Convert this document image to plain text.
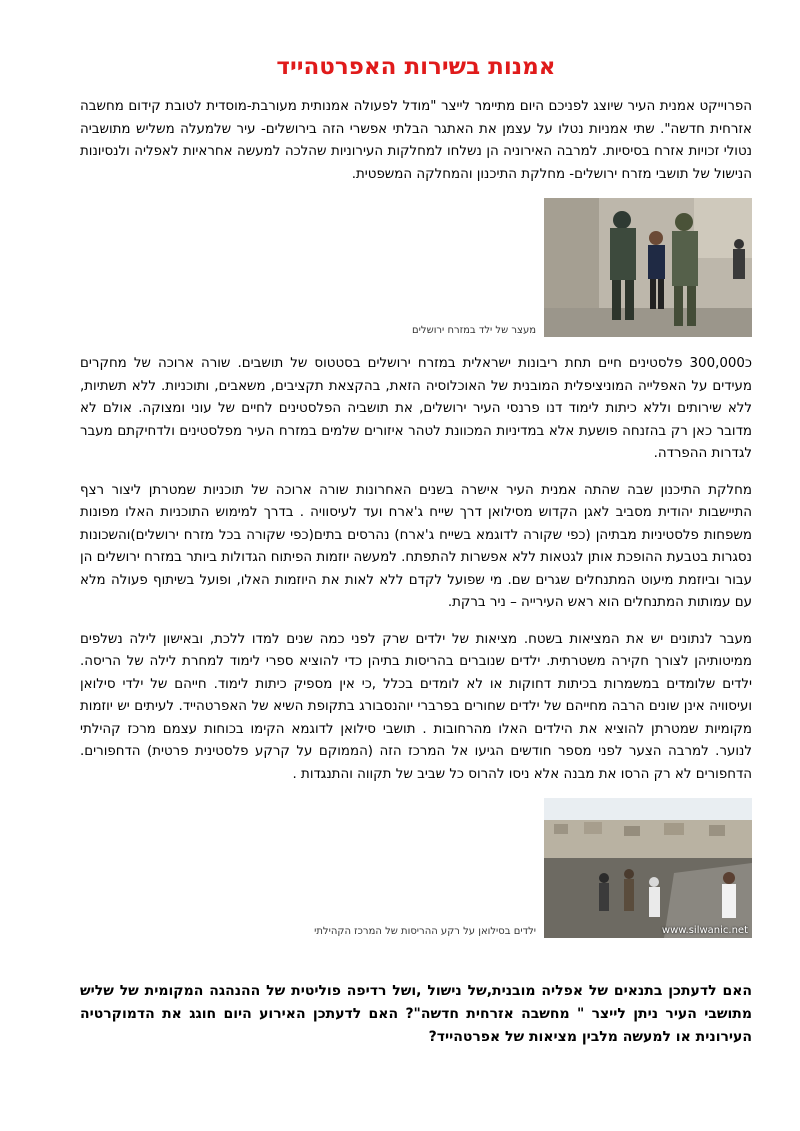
אמנות בשירות האפרטהייד

הפרוייקט אמנית העיר שיוצג לפניכם היום מתיימר לייצר "מודל לפעולה אמנותית מעורבת-מוסדית לטובת קידום מחשבה אזרחית חדשה". שתי אמניות נטלו על עצמן את האתגר הבלתי אפשרי הזה בירושלים- עיר שלמעלה משליש מתושביה נטולי זכויות אזרח בסיסיות. למרבה האירוניה הן נשלחו למחלקות העירוניות שהלכה למעשה אחראיות לאפליה ולנסיונות הנישול של תושבי מזרח ירושלים- מחלקת התיכנון והמחלקה המשפטית.

מעצר של ילד במזרח ירושלים

כ300,000 פלסטינים חיים תחת ריבונות ישראלית במזרח ירושלים בסטטוס של תושבים. שורה ארוכה של מחקרים מעידים על האפלייה המוניציפלית המובנית של האוכלוסיה הזאת, בהקצאת תקציבים, משאבים, ותוכניות. ללא תשתיות, ללא שירותים וללא כיתות לימוד דנו פרנסי העיר ירושלים, את תושביה הפלסטינים לחיים של עוני ומצוקה. אולם לא מדובר כאן רק בהזנחה פושעת אלא במדיניות המכוונת לטהר איזורים שלמים במזרח העיר מפלסטינים ולדחיקתם מעבר לגדרות ההפרדה.

מחלקת התיכנון שבה שהתה אמנית העיר אישרה בשנים האחרונות שורה ארוכה של תוכניות שמטרתן ליצור רצף התיישבות יהודית מסביב לאגן הקדוש מסילואן דרך שייח ג'ארח ועד לעיסוויה . בדרך למימוש התוכניות האלו מפונות משפחות פלסטיניות מבתיהן (כפי שקורה לדוגמא בשייח ג'ארח) נהרסים בתים(כפי שקורה בכל מזרח ירושלים)והשכונות נסגרות בטבעת ההופכת אותן לגטאות ללא אפשרות להתפתח. למעשה יוזמות הפיתוח הגדולות ביותר במזרח ירושלים הן עבור וביוזמת מיעוט המתנחלים שגרים שם. מי שפועל לקדם ללא לאות את היוזמות האלו, ופועל בשיתוף פעולה מלא עם עמותות המתנחלים הוא ראש העירייה – ניר ברקת.

מעבר לנתונים יש את המציאות בשטח. מציאות של ילדים שרק לפני כמה שנים למדו ללכת, ובאישון לילה נשלפים ממיטותיהן לצורך חקירה משטרתית. ילדים שנוברים בהריסות בתיהן כדי להוציא ספרי לימוד למחרת לילה של הריסה. ילדים שלומדים במשמרות בכיתות דחוקות או לא לומדים בכלל ,כי אין מספיק כיתות לימוד. חייהם של ילדי סילואן ועיסוויה אינן שונים הרבה מחייהם של ילדים שחורים בפרברי יוהנסבורג בתקופת השיא של האפרטהייד. לעיתים יש יוזמות מקומיות שמטרתן להוציא את הילדים האלו מהרחובות . תושבי סילואן לדוגמא הקימו בכוחות עצמם מרכז קהילתי לנוער. למרבה הצער לפני מספר חודשים הגיעו אל המרכז הזה (הממוקם על קרקע פלסטינית פרטית) הדחפורים. הדחפורים לא רק הרסו את מבנה אלא ניסו להרוס כל שביב של תקווה והתנגדות .

www.silwanic.net
ילדים בסילואן על רקע ההריסות של המרכז הקהילתי

האם לדעתכן בתנאים של אפליה מובנית,של נישול ,ושל רדיפה פוליטית של ההנהגה המקומית של שליש מתושבי העיר ניתן לייצר " מחשבה אזרחית חדשה"? האם לדעתכן האירוע היום חוגג את הדמוקרטיה העירונית או למעשה מלבין מציאות של אפרטהייד?
